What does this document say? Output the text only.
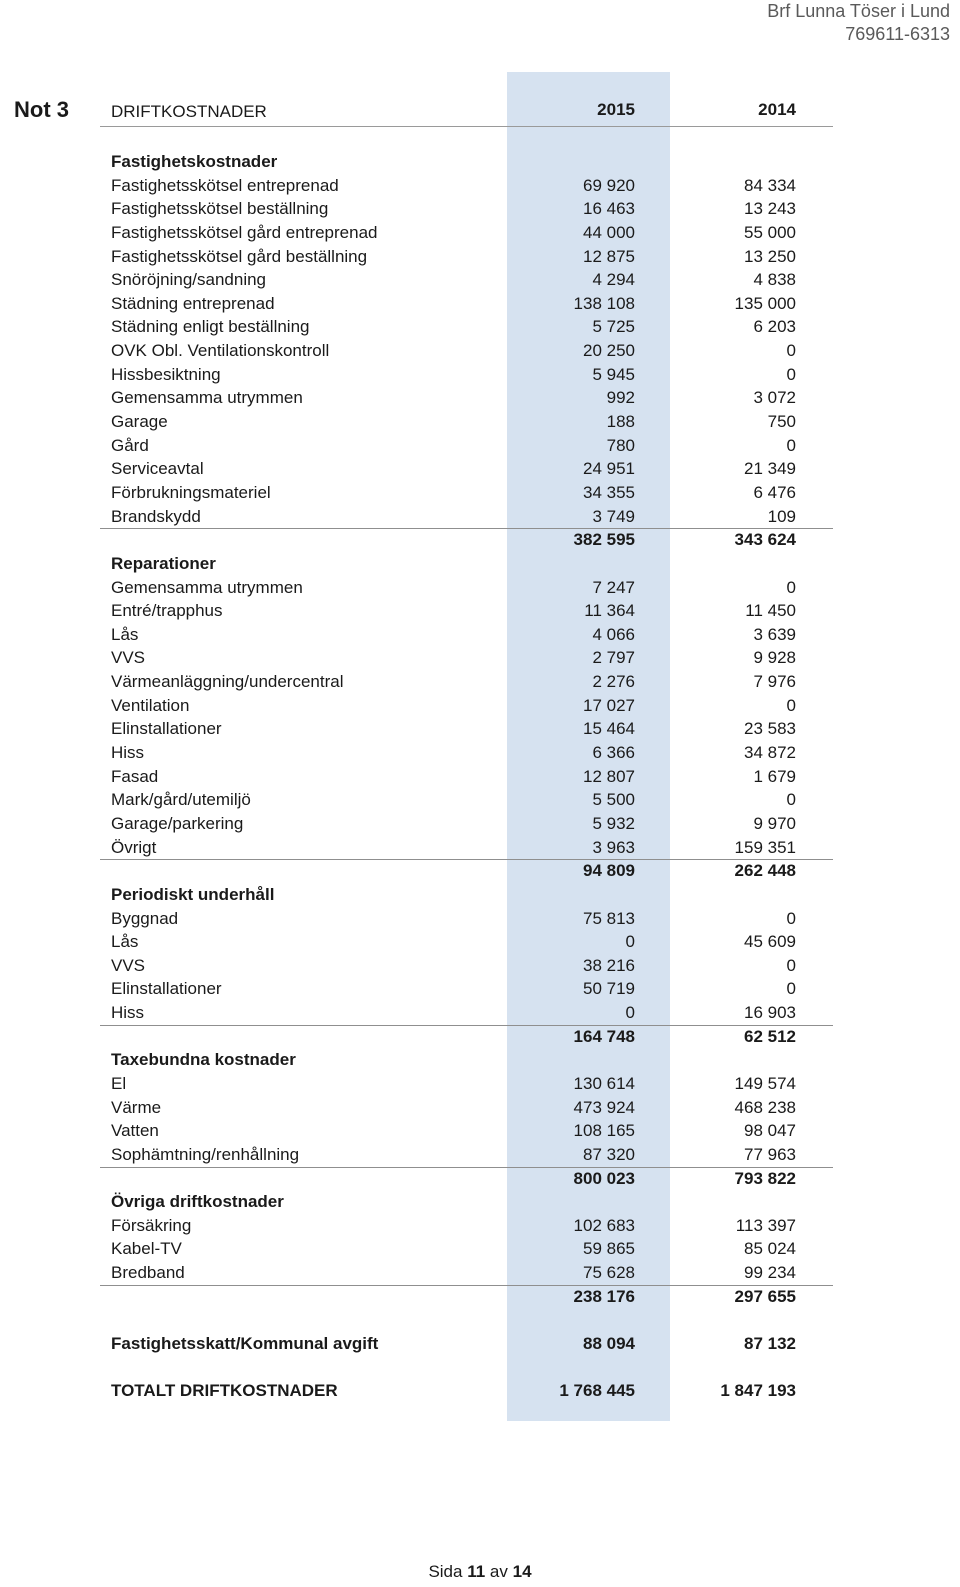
Brf Lunna Töser i Lund
769611-6313
Not 3 DRIFTKOSTNADER	2015	2014
Fastighetskostnader
Fastighetsskötsel entreprenad	69 920	84 334
Fastighetsskötsel beställning	16 463	13 243
Fastighetsskötsel gård entreprenad	44 000	55 000
Fastighetsskötsel gård beställning	12 875	13 250
Snöröjning/sandning	4 294	4 838
Städning entreprenad	138 108	135 000
Städning enligt beställning	5 725	6 203
OVK Obl. Ventilationskontroll	20 250	0
Hissbesiktning	5 945	0
Gemensamma utrymmen	992	3 072
Garage	188	750
Gård	780	0
Serviceavtal	24 951	21 349
Förbrukningsmateriel	34 355	6 476
Brandskydd	3 749	109
382 595	343 624
Reparationer
Gemensamma utrymmen	7 247	0
Entré/trapphus	11 364	11 450
Lås	4 066	3 639
VVS	2 797	9 928
Värmeanläggning/undercentral	2 276	7 976
Ventilation	17 027	0
Elinstallationer	15 464	23 583
Hiss	6 366	34 872
Fasad	12 807	1 679
Mark/gård/utemiljö	5 500	0
Garage/parkering	5 932	9 970
Övrigt	3 963	159 351
94 809	262 448
Periodiskt underhåll
Byggnad	75 813	0
Lås	0	45 609
VVS	38 216	0
Elinstallationer	50 719	0
Hiss	0	16 903
164 748	62 512
Taxebundna kostnader
El	130 614	149 574
Värme	473 924	468 238
Vatten	108 165	98 047
Sophämtning/renhållning	87 320	77 963
800 023	793 822
Övriga driftkostnader
Försäkring	102 683	113 397
Kabel-TV	59 865	85 024
Bredband	75 628	99 234
238 176	297 655
Fastighetsskatt/Kommunal avgift	88 094	87 132
TOTALT DRIFTKOSTNADER	1 768 445	1 847 193
Sida 11 av 14
